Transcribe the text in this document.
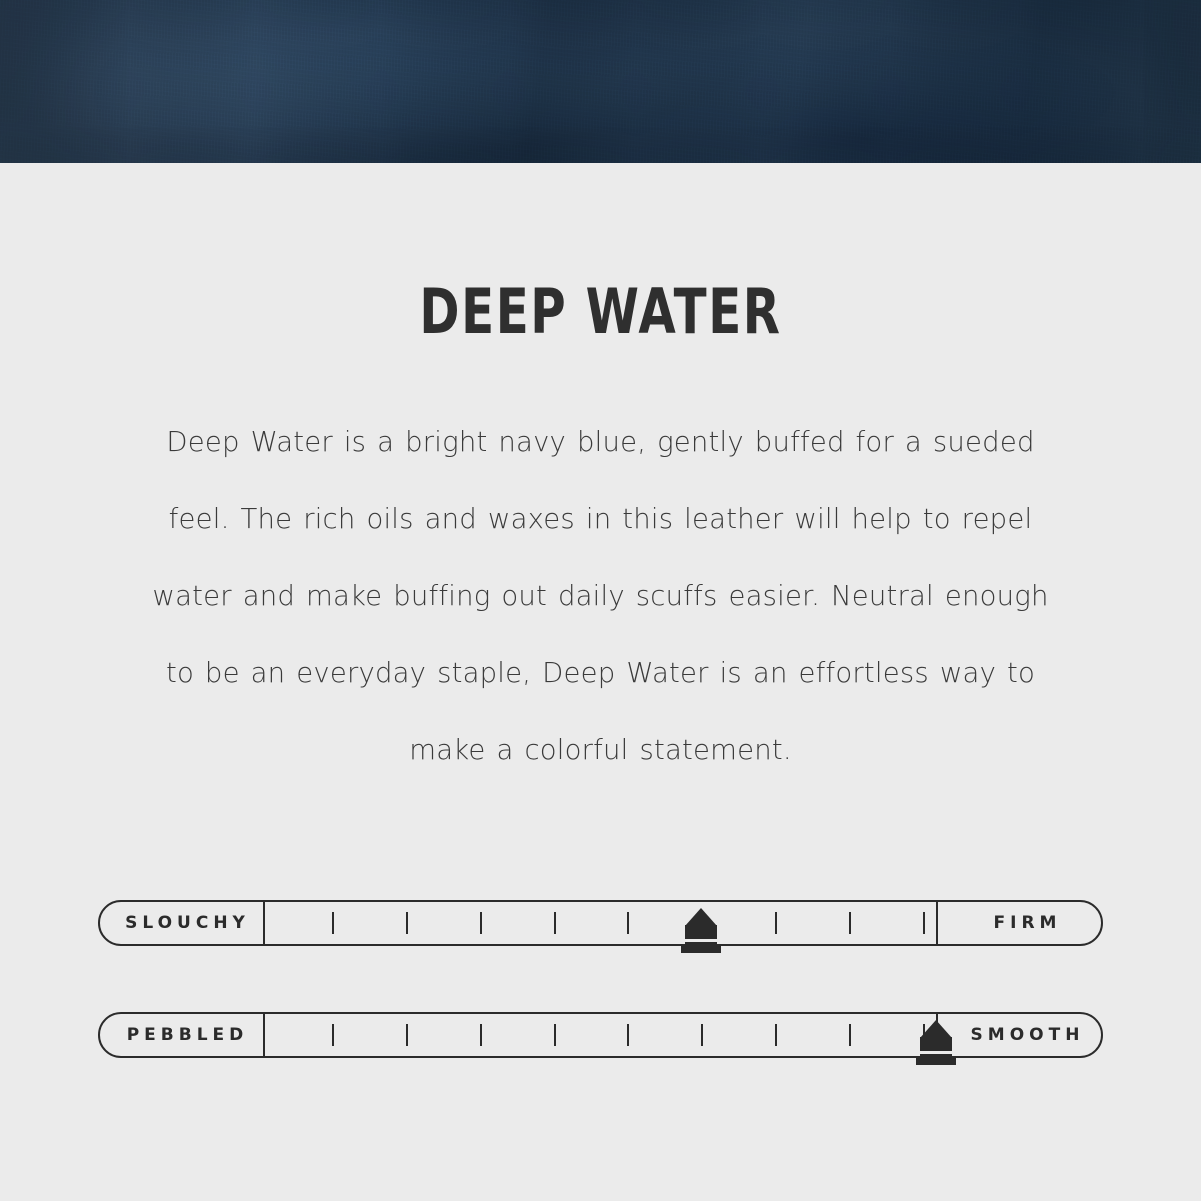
DEEP WATER

Deep Water is a bright navy blue, gently buffed for a sueded feel. The rich oils and waxes in this leather will help to repel water and make buffing out daily scuffs easier. Neutral enough to be an everyday staple, Deep Water is an effortless way to make a colorful statement.

SLOUCHY	FIRM
PEBBLED	SMOOTH
